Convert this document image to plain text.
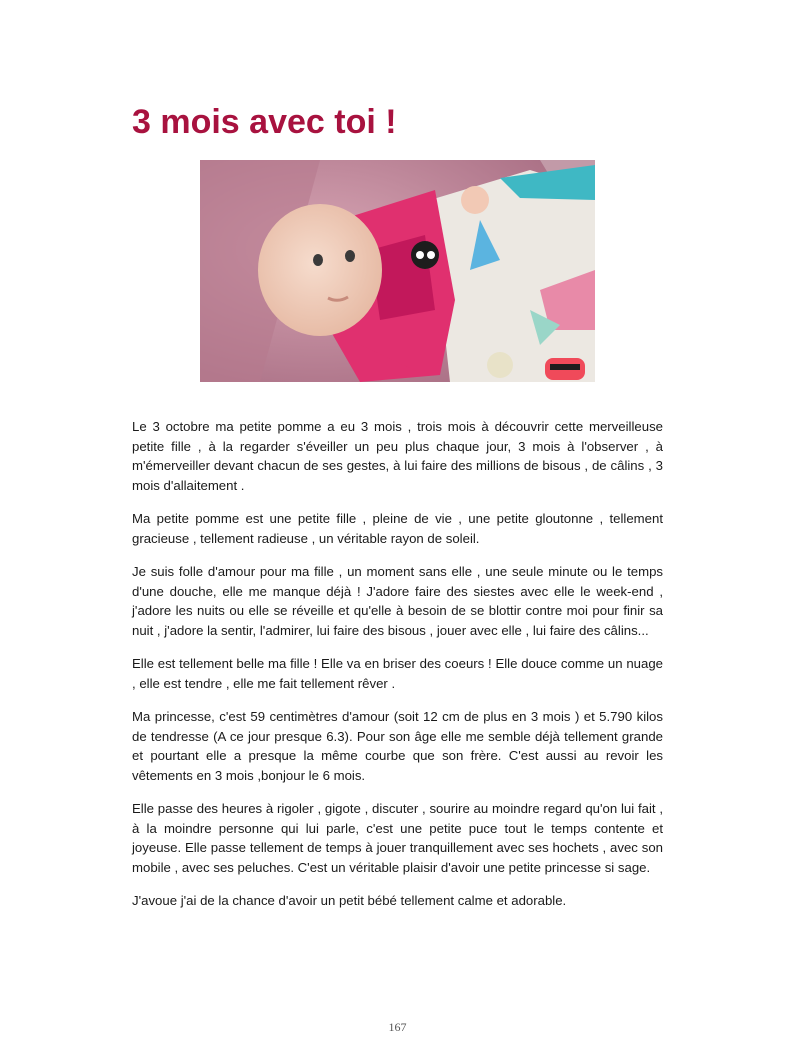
3 mois avec toi !

Le 3 octobre ma petite pomme a eu 3 mois , trois mois à découvrir cette merveilleuse petite fille , à la regarder s'éveiller un peu plus chaque jour, 3 mois à l'observer , à m'émerveiller devant chacun de ses gestes, à lui faire des millions de bisous , de câlins , 3 mois d'allaitement .

Ma petite pomme est une petite fille , pleine de vie , une petite gloutonne , tellement gracieuse , tellement radieuse , un véritable rayon de soleil.

Je suis folle d'amour pour ma fille , un moment sans elle , une seule minute ou le temps d'une douche, elle me manque déjà ! J'adore faire des siestes avec elle le week-end , j'adore les nuits ou elle se réveille et qu'elle à besoin de se blottir contre moi pour finir sa nuit , j'adore la sentir, l'admirer, lui faire des bisous , jouer avec elle , lui faire des câlins...

Elle est tellement belle ma fille ! Elle va en briser des coeurs ! Elle douce comme un nuage , elle est tendre , elle me fait tellement rêver .

Ma princesse, c'est 59 centimètres d'amour (soit 12 cm de plus en 3 mois ) et 5.790 kilos de tendresse (A ce jour presque 6.3). Pour son âge elle me semble déjà tellement grande et pourtant elle a presque la même courbe que son frère. C'est aussi au revoir les vêtements en 3 mois ,bonjour le 6 mois.

Elle passe des heures à rigoler , gigote , discuter , sourire au moindre regard qu'on lui fait , à la moindre personne qui lui parle, c'est une petite puce tout le temps contente et joyeuse. Elle passe tellement de temps à jouer tranquillement avec ses hochets , avec son mobile , avec ses peluches. C'est un véritable plaisir d'avoir une petite princesse si sage.

J'avoue j'ai de la chance d'avoir un petit bébé tellement calme et adorable.

167
